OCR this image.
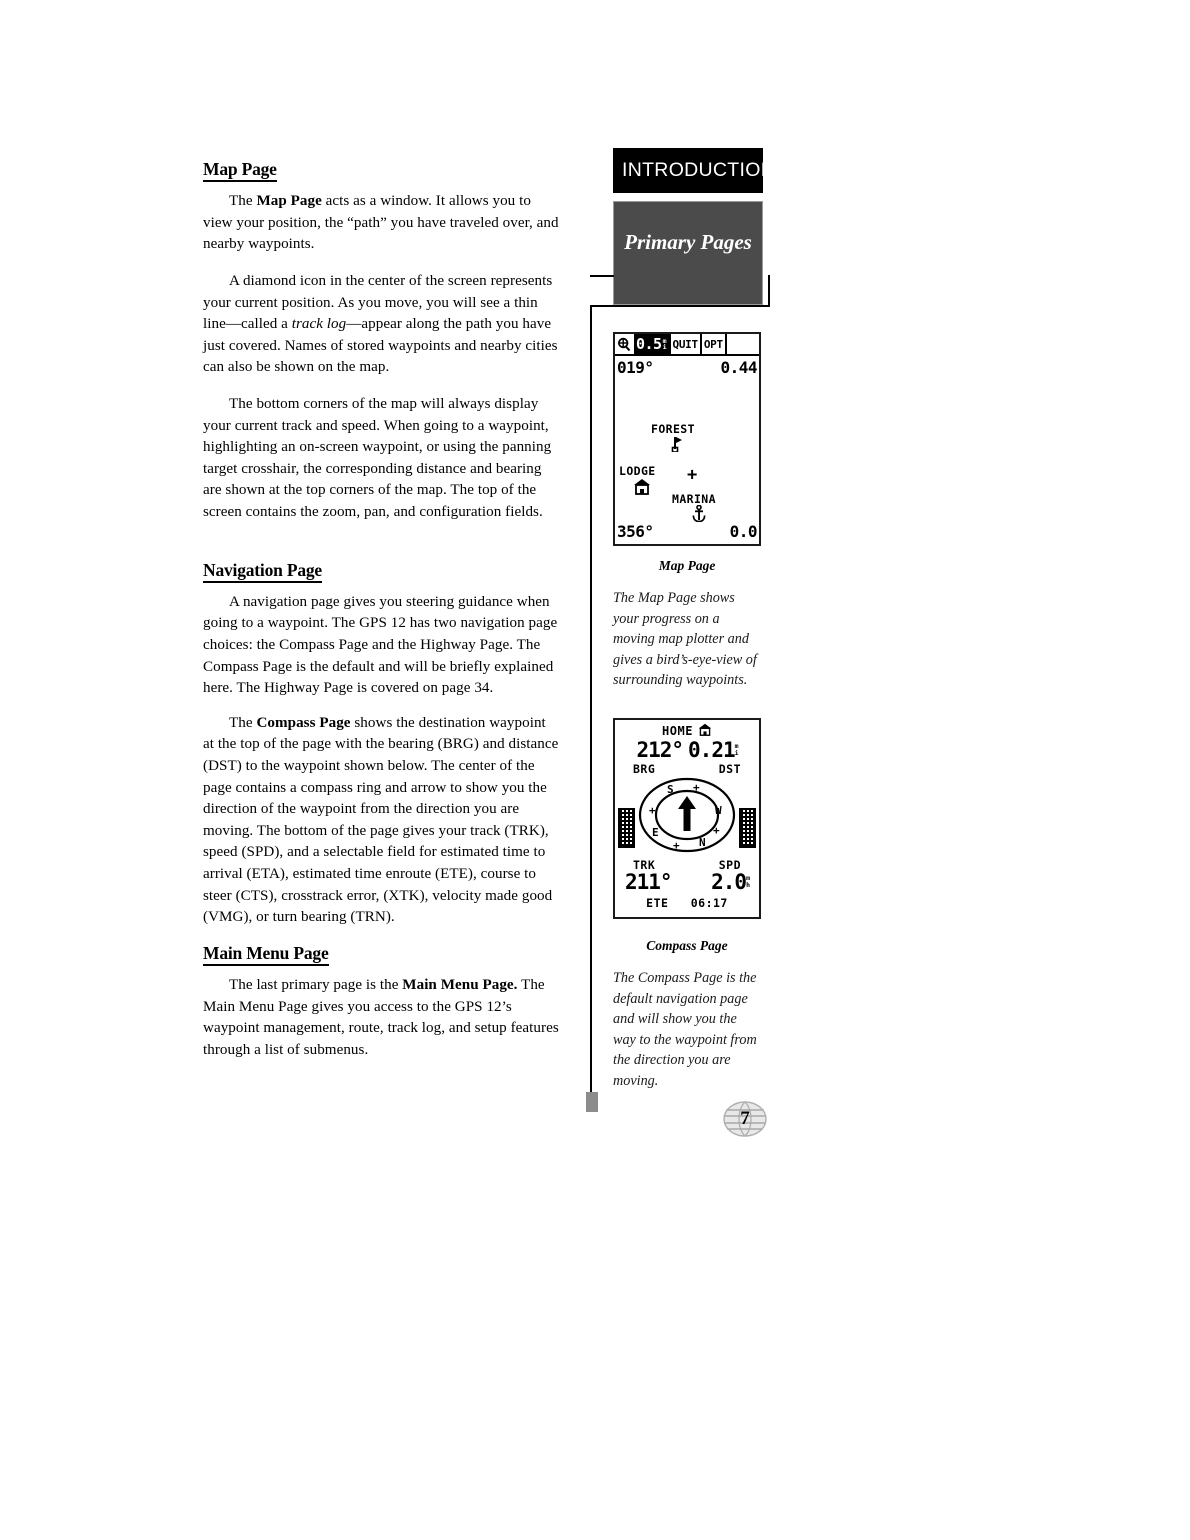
Map Page

The Map Page acts as a window. It allows you to view your position, the “path” you have traveled over, and nearby waypoints.

A diamond icon in the center of the screen represents your current position. As you move, you will see a thin line—called a track log—appear along the path you have just covered. Names of stored waypoints and nearby cities can also be shown on the map.

The bottom corners of the map will always display your current track and speed. When going to a waypoint, highlighting an on-screen waypoint, or using the panning target crosshair, the corresponding distance and bearing are shown at the top corners of the map. The top of the screen contains the zoom, pan, and configuration fields.

Navigation Page

A navigation page gives you steering guidance when going to a waypoint. The GPS 12 has two navigation page choices: the Compass Page and the Highway Page. The Compass Page is the default and will be briefly explained here. The Highway Page is covered on page 34.

The Compass Page shows the destination waypoint at the top of the page with the bearing (BRG) and distance (DST) to the waypoint shown below. The center of the page contains a compass ring and arrow to show you the direction of the waypoint from the direction you are moving. The bottom of the page gives your track (TRK), speed (SPD), and a selectable field for estimated time to arrival (ETA), estimated time enroute (ETE), course to steer (CTS), crosstrack error, (XTK), velocity made good (VMG), or turn bearing (TRN).

Main Menu Page

The last primary page is the Main Menu Page. The Main Menu Page gives you access to the GPS 12’s waypoint management, route, track log, and setup features through a list of submenus.

INTRODUCTION
Primary Pages
0.5 m
i QUIT OPT
019°	0.44
FOREST
LODGE +
MARINA
356°	0.0
Map Page
The Map Page shows your progress on a moving map plotter and gives a bird’s-eye-view of surrounding waypoints.
HOME
212° 0.21 m
i
BRG	DST
S
W
N
E
+
+
+
+
TRK	SPD
211° 2.0 m
h
ETE 06:17
Compass Page
The Compass Page is the default navigation page and will show you the way to the waypoint from the direction you are moving.
7
